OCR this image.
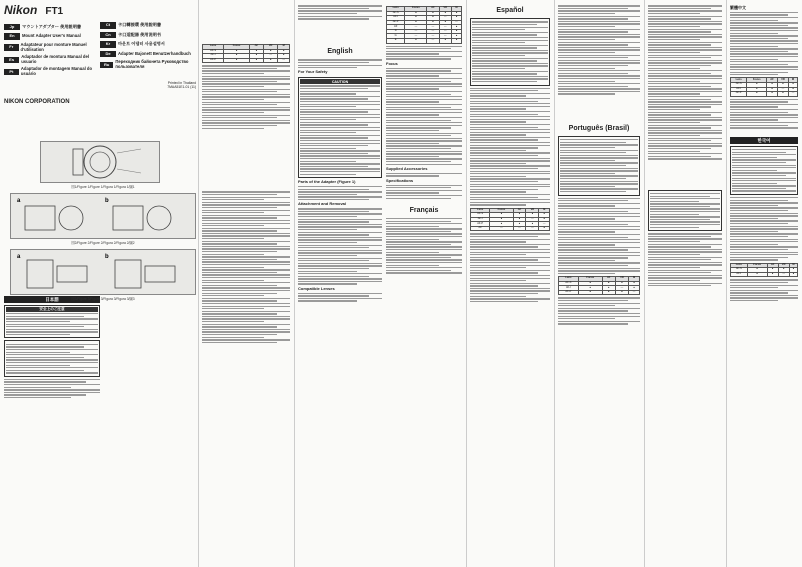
Nikon FT1
Jp	マウントアダプター 使用説明書
En	Mount Adapter User's Manual
Fr	Adaptateur pour monture Manuel d'utilisation
Es	Adaptador de montura Manual del usuario
Pt	Adaptador de montagem Manual do usuário
NIKON CORPORATION
日本語
安全上のご注意
Ct	卡口轉接環 使用說明書
Cn	卡口适配器 使用说明书
Kr	마운트 어댑터 사용설명서
De	Adapter Bajonett Benutzerhandbuch
Ru	Переходник байонета Руководство пользователя
Printed in Thailand
7MAA51E1-01 (11)
図1/Figure 1/Figure 1/Figura 1/Figura 1/圖1
a	b
図2/Figure 2/Figure 2/Figura 2/Figura 2/圖2
a	b
図3/Figure 3/Figure 3/Figura 3/Figura 3/圖3
Lens	Focus	AF	VR	M
AF-S	●	●	●	●
AF-I	●	●	—	●
AF-P	●	●	●	—
English
For Your Safety
CAUTION
Parts of the Adapter (Figure 1)
Attachment and Removal
Compatible Lenses
Lens	Focus	AF	VR	M
AF-S	●	●	●	●
AF-I	●	●	—	●
AF-P	●	●	●	—
AF	—	—	—	●
D	—	—	—	●
G	—	—	—	●
E	●	—	●	●
Focus
Supplied Accessories
Specifications
Français
Español
Lens	Focus	AF	VR	M
AF-S	●	●	●	●
AF-I	●	●	—	●
AF-P	●	●	●	—
AF	—	—	—	●
Português (Brasil)
Lens	Focus	AF	VR	M
AF-S	●	●	●	●
AF-I	●	●	—	●
AF-P	●	●	●	—
繁體中文
Lens	Focus	AF	VR	M
AF-S	●	●	●	●
AF-I	●	●	—	●
AF-P	●	●	●	—
한국어
Lens	Focus	AF	VR	M
AF-S	●	●	●	●
AF-I	●	●	—	●
